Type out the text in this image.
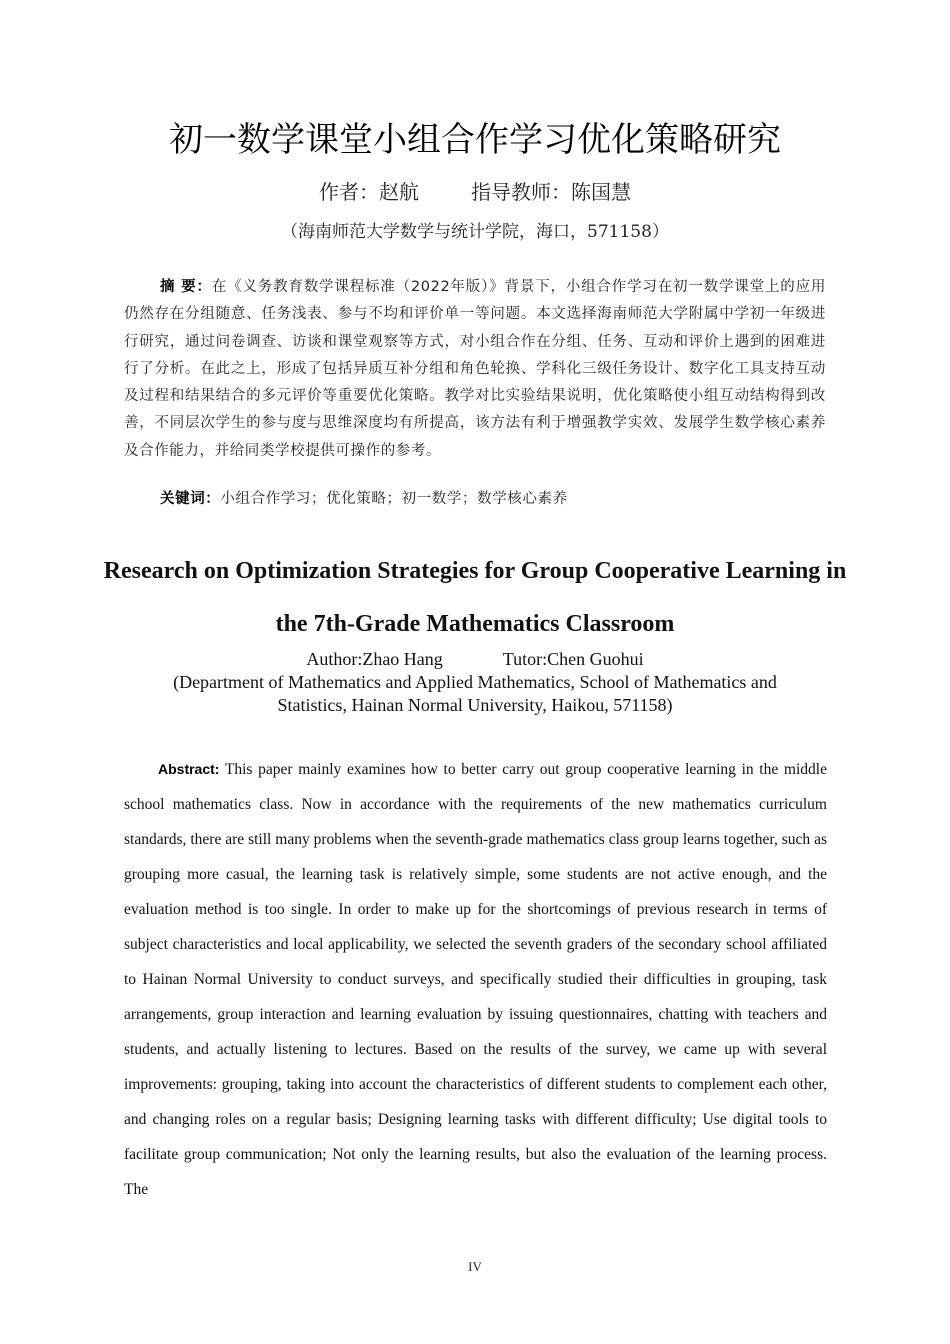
初一数学课堂小组合作学习优化策略研究
作者：赵航	指导教师：陈国慧
（海南师范大学数学与统计学院，海口，571158）

摘 要：在《义务教育数学课程标准（2022年版）》背景下，小组合作学习在初一数学课堂上的应用仍然存在分组随意、任务浅表、参与不均和评价单一等问题。本文选择海南师范大学附属中学初一年级进行研究，通过问卷调查、访谈和课堂观察等方式，对小组合作在分组、任务、互动和评价上遇到的困难进行了分析。在此之上，形成了包括异质互补分组和角色轮换、学科化三级任务设计、数字化工具支持互动及过程和结果结合的多元评价等重要优化策略。教学对比实验结果说明，优化策略使小组互动结构得到改善，不同层次学生的参与度与思维深度均有所提高，该方法有利于增强教学实效、发展学生数学核心素养及合作能力，并给同类学校提供可操作的参考。

关键词：小组合作学习；优化策略；初一数学；数学核心素养
Research on Optimization Strategies for Group Cooperative Learning in the 7th-Grade Mathematics Classroom
Author:Zhao Hang	Tutor:Chen Guohui
(Department of Mathematics and Applied Mathematics, School of Mathematics and Statistics, Hainan Normal University, Haikou, 571158)

Abstract: This paper mainly examines how to better carry out group cooperative learning in the middle school mathematics class. Now in accordance with the requirements of the new mathematics curriculum standards, there are still many problems when the seventh-grade mathematics class group learns together, such as grouping more casual, the learning task is relatively simple, some students are not active enough, and the evaluation method is too single. In order to make up for the shortcomings of previous research in terms of subject characteristics and local applicability, we selected the seventh graders of the secondary school affiliated to Hainan Normal University to conduct surveys, and specifically studied their difficulties in grouping, task arrangements, group interaction and learning evaluation by issuing questionnaires, chatting with teachers and students, and actually listening to lectures. Based on the results of the survey, we came up with several improvements: grouping, taking into account the characteristics of different students to complement each other, and changing roles on a regular basis; Designing learning tasks with different difficulty; Use digital tools to facilitate group communication; Not only the learning results, but also the evaluation of the learning process. The

IV
